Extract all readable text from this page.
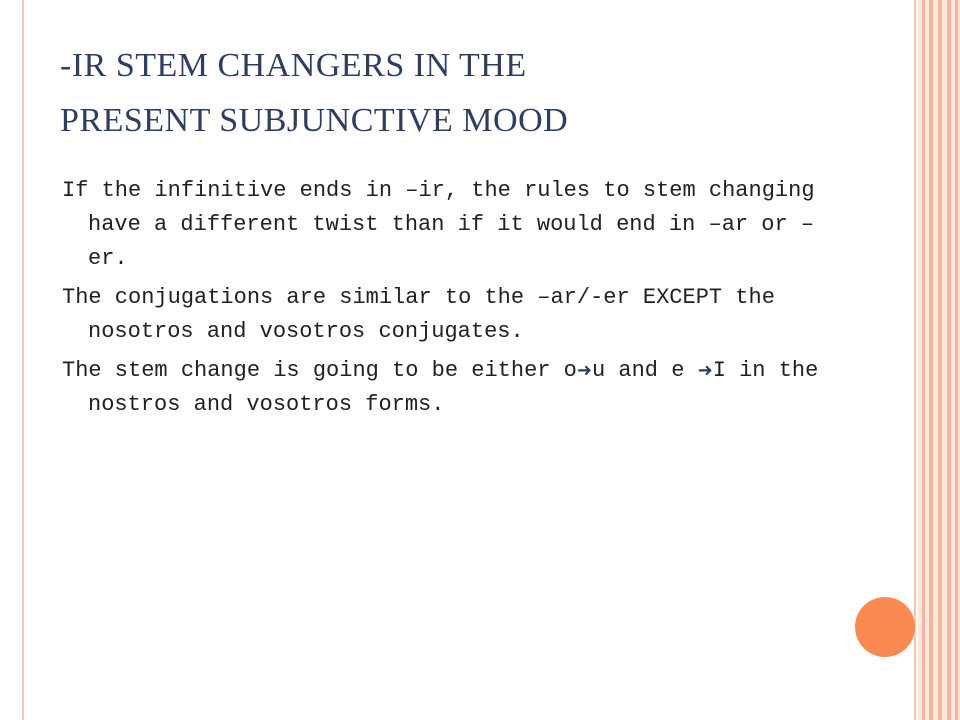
-IR STEM CHANGERS IN THE
PRESENT SUBJUNCTIVE MOOD
If the infinitive ends in –ir, the rules to stem changing have a different twist than if it would end in –ar or –er.
The conjugations are similar to the –ar/-er EXCEPT the nosotros and vosotros conjugates.
The stem change is going to be either o➜u and e ➜I in the nostros and vosotros forms.
